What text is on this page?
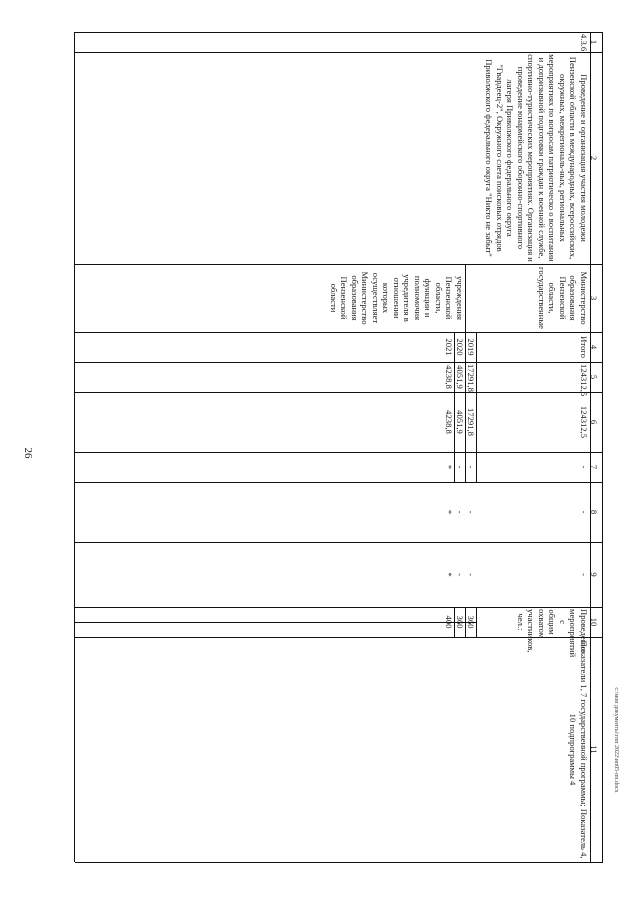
26
c:\мои документы\гпп 2022\ип05-пп.docx
1
2
3
4
5
6
7
8
9
10
11
4.3.6.
Проведение и организация участия молодежи Пензенской области в международных, всероссийских, окружных, межрегиональ-ных, региональных мероприятиях по вопросам патриотическо о воспитании и допризывной подготовки граждан к военной службе, спортивно-туристических мероприятиях. Организация и проведение юнармейского оборонно-спортивного лагеря Приволжского федерального округа "Гвардеец-2", Окружного слета поисковых отрядов Приволжского федерального округа "Никто не забыт"
Министерство образования Пензенской области, государственные
учреждения Пензенской области, функции и полномочия учредителя в отношении которых осуществляет Министерство образования Пензенской области
Итого
124312,5
124312,5
-
-
-
2019
17291,8
17291,8
-
-
-
360
2020
4051,9
4051,9
-
-
-
360
2021
4238,8
4238,8
*
*
*
400	Проведение мероприятий с общим охватом участников, чел.:
Показатели 1, 7 государственной программы; Показатель 4, 10 подпрограммы 4
